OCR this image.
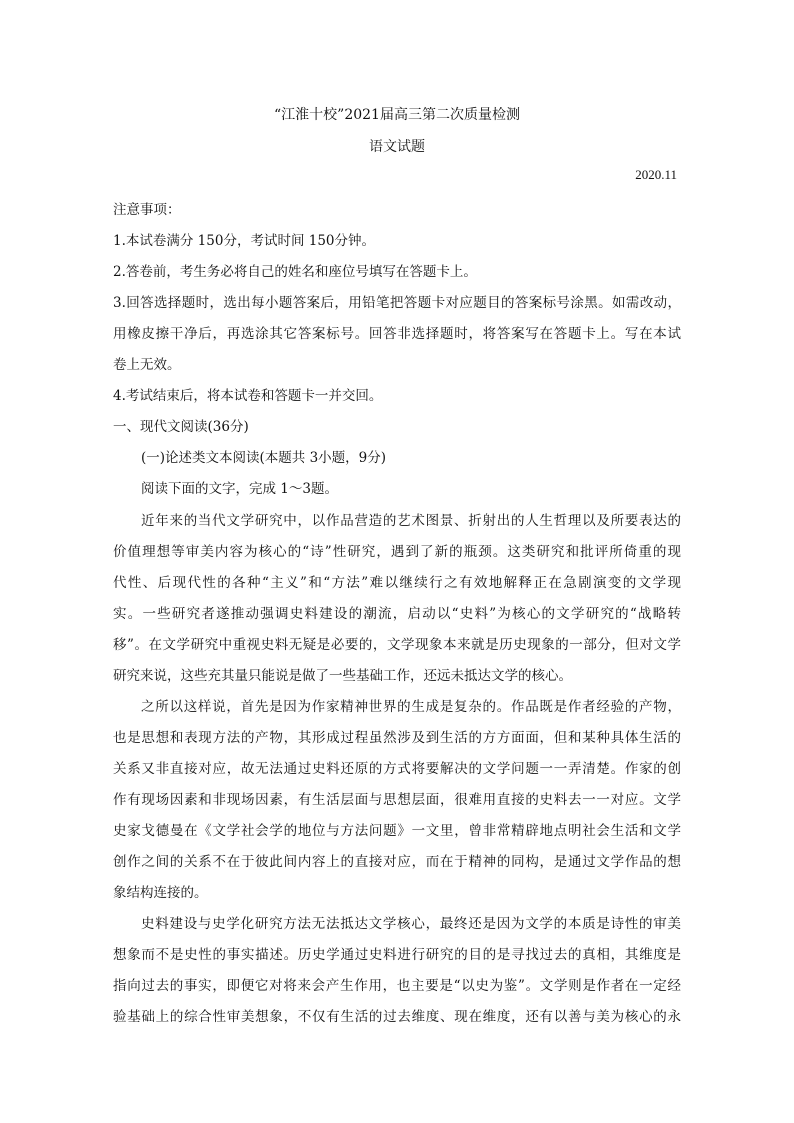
“江淮十校”2021届高三第二次质量检测
语文试题
2020.11
注意事项：
1.本试卷满分 150分，考试时间 150分钟。
2.答卷前，考生务必将自己的姓名和座位号填写在答题卡上。
3.回答选择题时，选出每小题答案后，用铅笔把答题卡对应题目的答案标号涂黑。如需改动，
用橡皮擦干净后，再选涂其它答案标号。回答非选择题时，将答案写在答题卡上。写在本试
卷上无效。
4.考试结束后，将本试卷和答题卡一并交回。
一、现代文阅读(36分)
(一)论述类文本阅读(本题共 3小题，9分)
阅读下面的文字，完成 1～3题。
近年来的当代文学研究中，以作品营造的艺术图景、折射出的人生哲理以及所要表达的
价值理想等审美内容为核心的“诗”性研究，遇到了新的瓶颈。这类研究和批评所倚重的现
代性、后现代性的各种“主义”和“方法”难以继续行之有效地解释正在急剧演变的文学现
实。一些研究者遂推动强调史料建设的潮流，启动以“史料”为核心的文学研究的“战略转
移”。在文学研究中重视史料无疑是必要的，文学现象本来就是历史现象的一部分，但对文学
研究来说，这些充其量只能说是做了一些基础工作，还远未抵达文学的核心。
之所以这样说，首先是因为作家精神世界的生成是复杂的。作品既是作者经验的产物，
也是思想和表现方法的产物，其形成过程虽然涉及到生活的方方面面，但和某种具体生活的
关系又非直接对应，故无法通过史料还原的方式将要解决的文学问题一一弄清楚。作家的创
作有现场因素和非现场因素，有生活层面与思想层面，很难用直接的史料去一一对应。文学
史家戈德曼在《文学社会学的地位与方法问题》一文里，曾非常精辟地点明社会生活和文学
创作之间的关系不在于彼此间内容上的直接对应，而在于精神的同构，是通过文学作品的想
象结构连接的。
史料建设与史学化研究方法无法抵达文学核心，最终还是因为文学的本质是诗性的审美
想象而不是史性的事实描述。历史学通过史料进行研究的目的是寻找过去的真相，其维度是
指向过去的事实，即便它对将来会产生作用，也主要是“以史为鉴”。文学则是作者在一定经
验基础上的综合性审美想象，不仅有生活的过去维度、现在维度，还有以善与美为核心的永
